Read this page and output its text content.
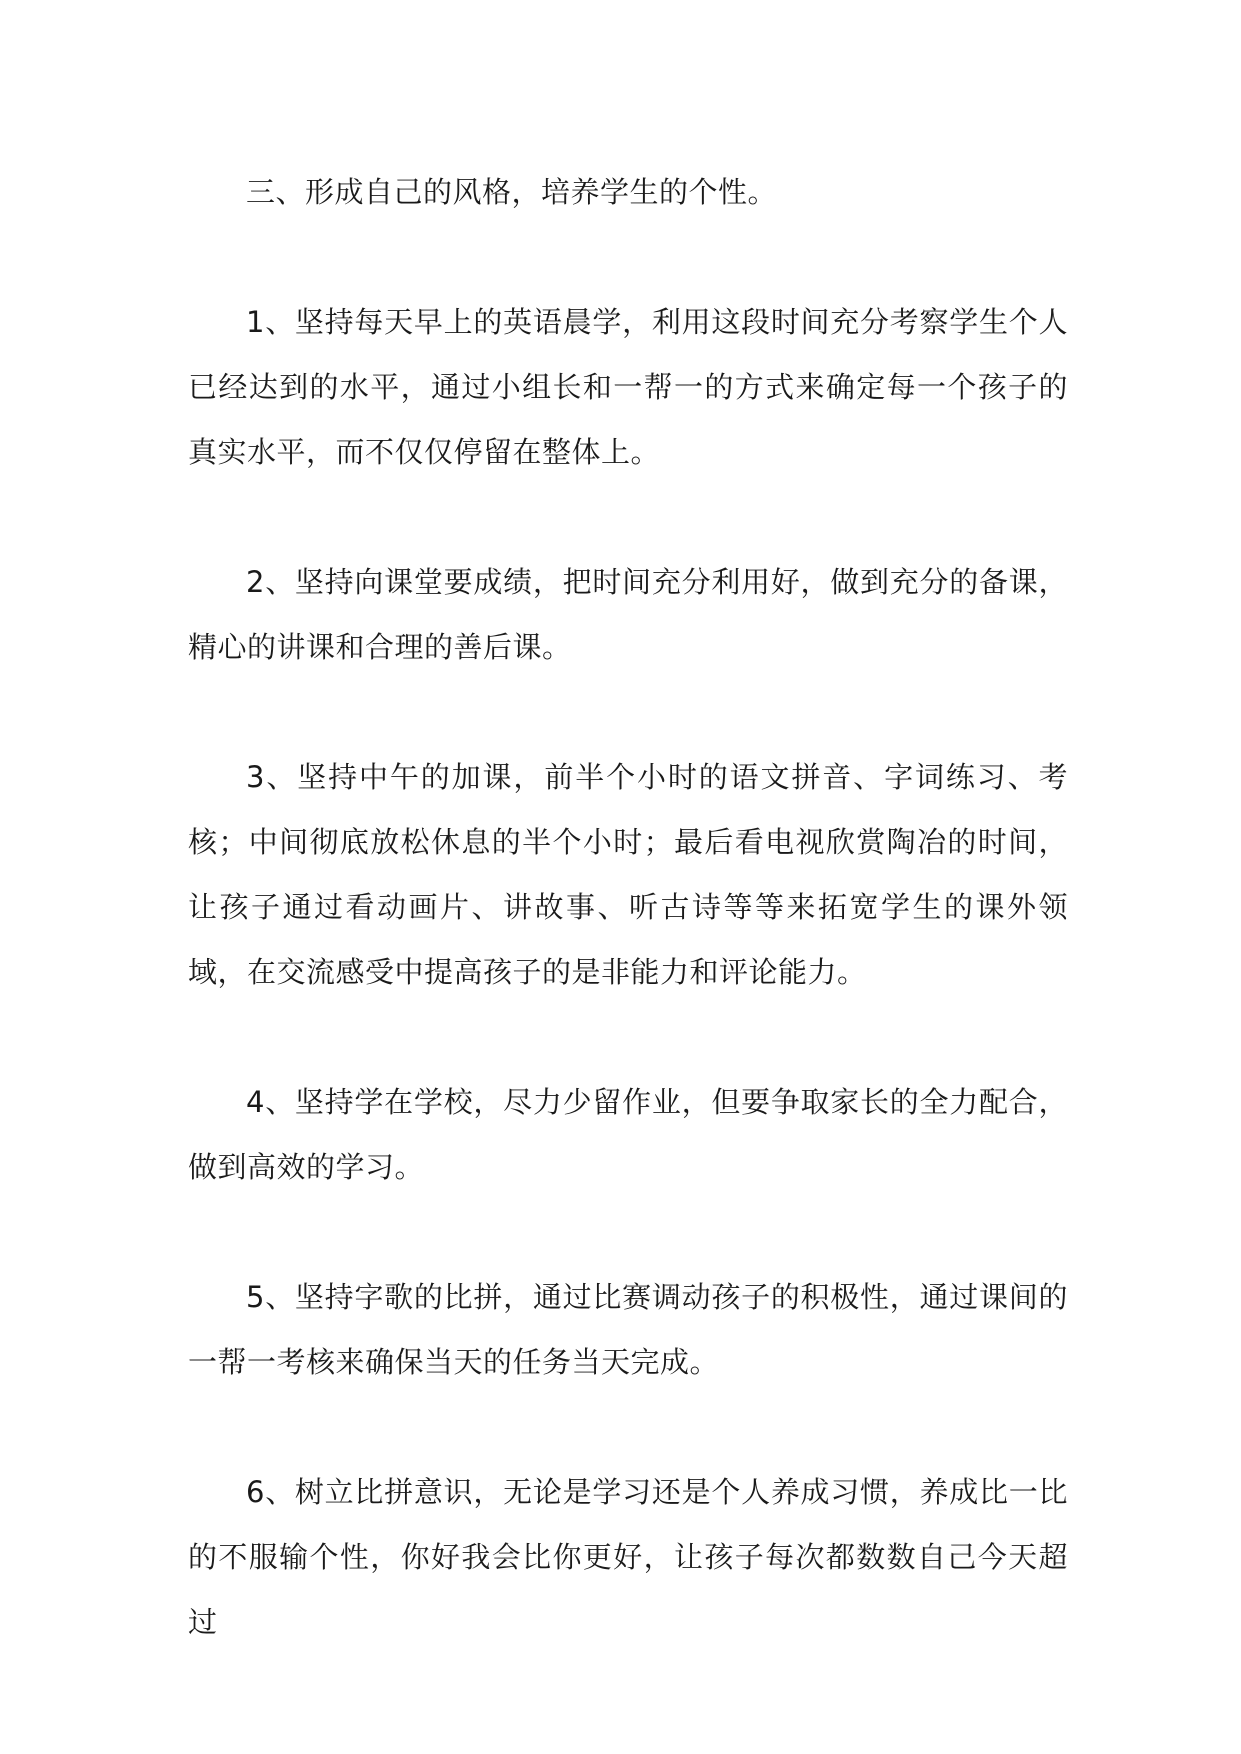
三、形成自己的风格，培养学生的个性。

1、坚持每天早上的英语晨学，利用这段时间充分考察学生个人已经达到的水平，通过小组长和一帮一的方式来确定每一个孩子的真实水平，而不仅仅停留在整体上。

2、坚持向课堂要成绩，把时间充分利用好，做到充分的备课，精心的讲课和合理的善后课。

3、坚持中午的加课，前半个小时的语文拼音、字词练习、考核；中间彻底放松休息的半个小时；最后看电视欣赏陶冶的时间，让孩子通过看动画片、讲故事、听古诗等等来拓宽学生的课外领域，在交流感受中提高孩子的是非能力和评论能力。

4、坚持学在学校，尽力少留作业，但要争取家长的全力配合，做到高效的学习。

5、坚持字歌的比拼，通过比赛调动孩子的积极性，通过课间的一帮一考核来确保当天的任务当天完成。

6、树立比拼意识，无论是学习还是个人养成习惯，养成比一比的不服输个性，你好我会比你更好，让孩子每次都数数自己今天超过
